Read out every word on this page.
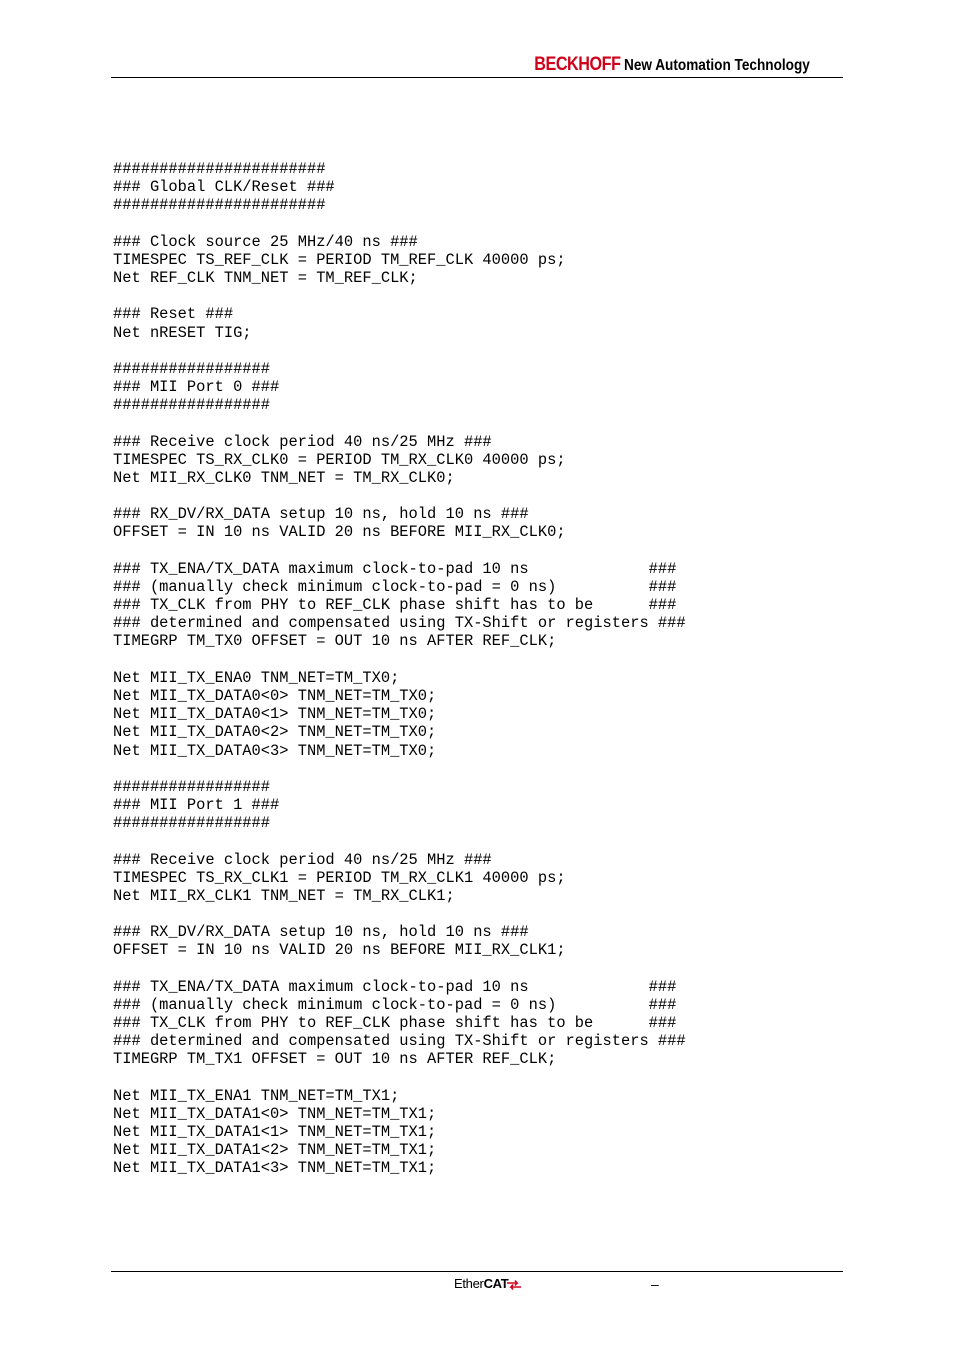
BECKHOFF New Automation Technology
#######################
### Global CLK/Reset ###
#######################

### Clock source 25 MHz/40 ns ###
TIMESPEC TS_REF_CLK = PERIOD TM_REF_CLK 40000 ps;
Net REF_CLK TNM_NET = TM_REF_CLK;

### Reset ###
Net nRESET TIG;

#################
### MII Port 0 ###
#################

### Receive clock period 40 ns/25 MHz ###
TIMESPEC TS_RX_CLK0 = PERIOD TM_RX_CLK0 40000 ps;
Net MII_RX_CLK0 TNM_NET = TM_RX_CLK0;

### RX_DV/RX_DATA setup 10 ns, hold 10 ns ###
OFFSET = IN 10 ns VALID 20 ns BEFORE MII_RX_CLK0;

### TX_ENA/TX_DATA maximum clock-to-pad 10 ns             ###
### (manually check minimum clock-to-pad = 0 ns)          ###
### TX_CLK from PHY to REF_CLK phase shift has to be      ###
### determined and compensated using TX-Shift or registers ###
TIMEGRP TM_TX0 OFFSET = OUT 10 ns AFTER REF_CLK;

Net MII_TX_ENA0 TNM_NET=TM_TX0;
Net MII_TX_DATA0<0> TNM_NET=TM_TX0;
Net MII_TX_DATA0<1> TNM_NET=TM_TX0;
Net MII_TX_DATA0<2> TNM_NET=TM_TX0;
Net MII_TX_DATA0<3> TNM_NET=TM_TX0;

#################
### MII Port 1 ###
#################

### Receive clock period 40 ns/25 MHz ###
TIMESPEC TS_RX_CLK1 = PERIOD TM_RX_CLK1 40000 ps;
Net MII_RX_CLK1 TNM_NET = TM_RX_CLK1;

### RX_DV/RX_DATA setup 10 ns, hold 10 ns ###
OFFSET = IN 10 ns VALID 20 ns BEFORE MII_RX_CLK1;

### TX_ENA/TX_DATA maximum clock-to-pad 10 ns             ###
### (manually check minimum clock-to-pad = 0 ns)          ###
### TX_CLK from PHY to REF_CLK phase shift has to be      ###
### determined and compensated using TX-Shift or registers ###
TIMEGRP TM_TX1 OFFSET = OUT 10 ns AFTER REF_CLK;

Net MII_TX_ENA1 TNM_NET=TM_TX1;
Net MII_TX_DATA1<0> TNM_NET=TM_TX1;
Net MII_TX_DATA1<1> TNM_NET=TM_TX1;
Net MII_TX_DATA1<2> TNM_NET=TM_TX1;
Net MII_TX_DATA1<3> TNM_NET=TM_TX1;

Ether CAT	–
